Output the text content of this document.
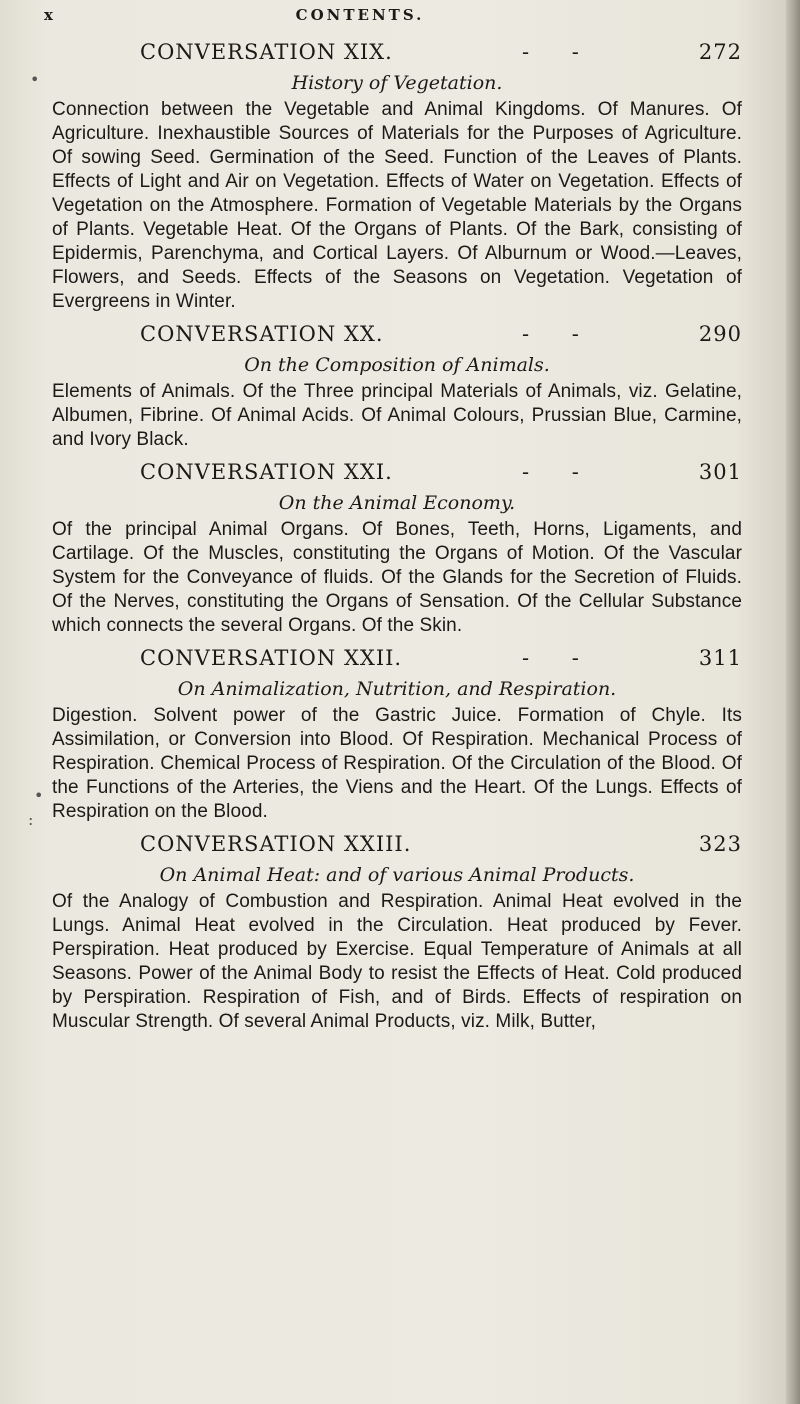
x	CONTENTS.
•
•
:
CONVERSATION XIX.	- -	272
History of Vegetation.
Connection between the Vegetable and Animal Kingdoms. Of Manures. Of Agriculture. Inexhaustible Sources of Materials for the Purposes of Agriculture. Of sowing Seed. Germination of the Seed. Function of the Leaves of Plants. Effects of Light and Air on Vegetation. Effects of Water on Vegetation. Effects of Vegetation on the Atmosphere. Formation of Vegetable Materials by the Organs of Plants. Vegetable Heat. Of the Organs of Plants. Of the Bark, consisting of Epidermis, Parenchyma, and Cortical Layers. Of Alburnum or Wood.—Leaves, Flowers, and Seeds. Effects of the Seasons on Vegetation. Vegetation of Evergreens in Winter.
CONVERSATION XX.	- -	290
On the Composition of Animals.
Elements of Animals. Of the Three principal Materials of Animals, viz. Gelatine, Albumen, Fibrine. Of Animal Acids. Of Animal Colours, Prussian Blue, Carmine, and Ivory Black.
CONVERSATION XXI.	- -	301
On the Animal Economy.
Of the principal Animal Organs. Of Bones, Teeth, Horns, Ligaments, and Cartilage. Of the Muscles, constituting the Organs of Motion. Of the Vascular System for the Conveyance of fluids. Of the Glands for the Secretion of Fluids. Of the Nerves, constituting the Organs of Sensation. Of the Cellular Substance which connects the several Organs. Of the Skin.
CONVERSATION XXII.	- -	311
On Animalization, Nutrition, and Respiration.
Digestion. Solvent power of the Gastric Juice. Formation of Chyle. Its Assimilation, or Conversion into Blood. Of Respiration. Mechanical Process of Respiration. Chemical Process of Respiration. Of the Circulation of the Blood. Of the Functions of the Arteries, the Viens and the Heart. Of the Lungs. Effects of Respiration on the Blood.
CONVERSATION XXIII.	323
On Animal Heat: and of various Animal Products.
Of the Analogy of Combustion and Respiration. Animal Heat evolved in the Lungs. Animal Heat evolved in the Circulation. Heat produced by Fever. Perspiration. Heat produced by Exercise. Equal Temperature of Animals at all Seasons. Power of the Animal Body to resist the Effects of Heat. Cold produced by Perspiration. Respiration of Fish, and of Birds. Effects of respiration on Muscular Strength. Of several Animal Products, viz. Milk, Butter,
